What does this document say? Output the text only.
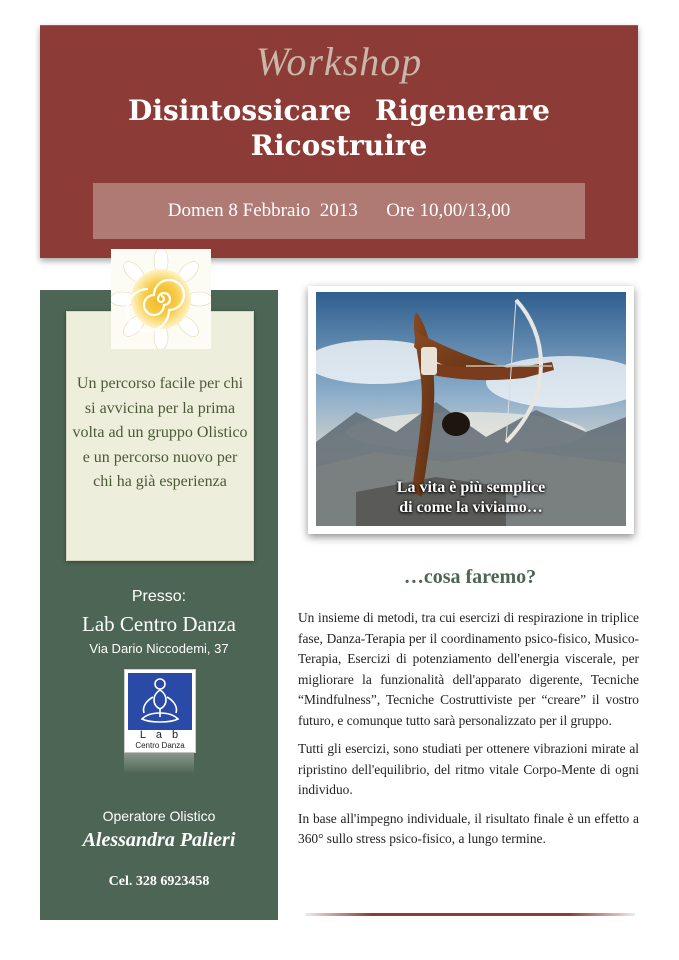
Workshop
Disintossicare Rigenerare
Ricostruire
Domen 8 Febbraio  2013
Ore 10,00/13,00
Un percorso facile per chi si avvicina per la prima volta ad un gruppo Olistico e un percorso nuovo per chi ha già esperienza
Presso:
Lab Centro Danza
Via Dario Niccodemi, 37
Lab
Centro Danza
Operatore Olistico
Alessandra Palieri
Cel. 328 6923458
La vita è più semplice
di come la viviamo…
…cosa faremo?

Un insieme di metodi, tra cui esercizi di respirazione in triplice fase, Danza-Terapia per il coordinamento psico-fisico, Musico-Terapia, Esercizi di potenziamento dell'energia viscerale, per migliorare la funzionalità dell'apparato digerente, Tecniche “Mindfulness”, Tecniche Costruttiviste per “creare” il vostro futuro, e comunque tutto sarà personalizzato per il gruppo.

Tutti gli esercizi, sono studiati per ottenere vibrazioni mirate al ripristino dell'equilibrio, del ritmo vitale Corpo-Mente di ogni individuo.

In base all'impegno individuale, il risultato finale è un effetto a 360° sullo stress psico-fisico, a lungo termine.
